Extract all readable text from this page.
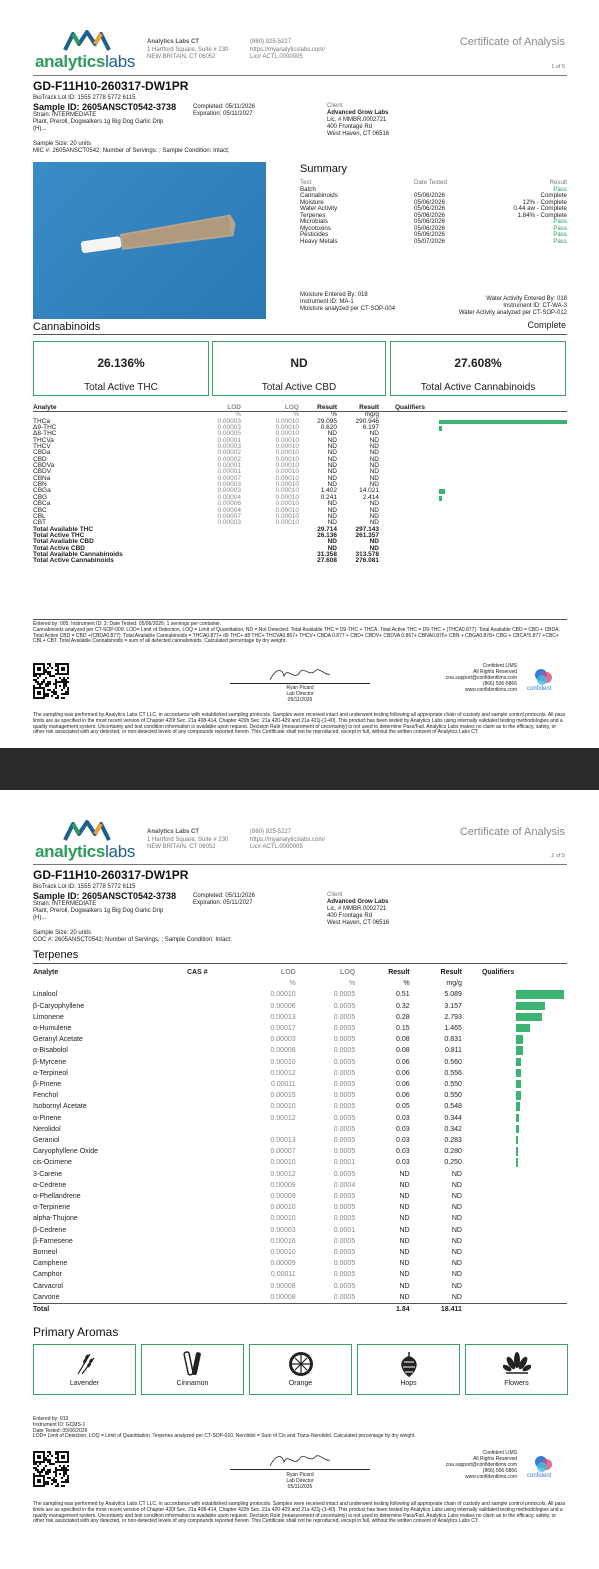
analyticslabs
Analytics Labs CT
1 Hartford Square, Suite # 230
NEW BRITAIN, CT 06052
(860) 925-5227
https://myanalyticslabs.com/
Lic# ACTL.0000005
Certificate of Analysis
1 of 5
GD-F11H10-260317-DW1PR
BioTrack Lot ID: 1555 2778 5772 6115
Sample ID: 2605ANSCT0542-3738
Strain: INTERMEDIATE
Plant, Preroll, Dogwalkers 1g Big Dog Garlic Drip
(H)...
Completed: 05/11/2026
Expiration: 05/11/2027
Client
Advanced Grow Labs
Lic. # MMBR.0002721
400 Frontage Rd
West Haven, CT 06516
Sample Size: 20 units
MIC #: 2605ANSCT0542; Number of Servings: ; Sample Condition: Intact;
Summary
Test	Date Tested	Result
Batch		Pass
Cannabinoids	05/06/2026	Complete
Moisture	05/06/2026	12% - Complete
Water Activity	05/06/2026	0.44 aw - Complete
Terpenes	05/06/2026	1.84% - Complete
Microbials	05/06/2026	Pass
Mycotoxins	05/06/2026	Pass
Pesticides	05/06/2026	Pass
Heavy Metals	05/07/2026	Pass
Moisture Entered By: 018
Instrument ID: MA-1
Moisture analyzed per CT-SOP-004
Water Activity Entered By: 018
Instrument ID: CT-WA-3
Water Activity analyzed per CT-SOP-012
Cannabinoids	Complete
26.136%
Total Active THC
ND
Total Active CBD
27.608%
Total Active Cannabinoids
Analyte	LOD	LOQ	Result	Result	Qualifiers	
	%	%	%	mg/g		
THCa	0.00003	0.00010	29.095	290.946		

Δ9-THC	0.00003	0.00010	0.620	6.197		

Δ8-THC	0.00005	0.00010	ND	ND		
THCVa	0.00001	0.00010	ND	ND		
THCV	0.00003	0.00010	ND	ND		
CBDa	0.00002	0.00010	ND	ND		
CBD	0.00002	0.00010	ND	ND		
CBDVa	0.00001	0.00010	ND	ND		
CBDV	0.00001	0.00010	ND	ND		
CBNa	0.00007	0.00010	ND	ND		
CBN	0.00003	0.00010	ND	ND		
CBGa	0.00003	0.00010	1.402	14.021		

CBG	0.00004	0.00010	0.241	2.414		

CBCa	0.00006	0.00010	ND	ND		
CBC	0.00004	0.00010	ND	ND		
CBL	0.00007	0.00010	ND	ND		
CBT	0.00003	0.00010	ND	ND		
Total Available THC			29.714	297.143		
Total Active THC			26.136	261.357		
Total Available CBD			ND	ND		
Total Active CBD			ND	ND		
Total Available Cannabinoids			31.358	313.578		
Total Active Cannabinoids			27.608	276.081		
Entered by: 005; Instrument ID: 2; Date Tested: 05/06/2026; 1 servings per container.
Cannabinoids analyzed per CT-SOP-009. LOD= Limit of Detection, LOQ = Limit of Quantitation, ND = Not Detected. Total Available THC = D9-THC + THCA. Total Active THC = D9-THC + (THCA0.877). Total Available CBD = CBD + CBDA. Total Active CBD = CBD +(CBDA0.877). Total Available Cannabinoids = THCA0.877+ d9 THC+ d8 THC+ THCVA0.867+ THCV+ CBDA 0.877 + CBD+ CBDV+ CBDVA 0.867+ CBNA0.876+ CBN + CBGA0.878+ CBG + CBCA*0.877 +CBC+ CBL+ CBT. Total Available Cannabinoids = sum of all detected cannabinoids. Calculated percentage by dry weight.
Ryan Picard
Lab Director
05/11/2026
Confident LIMS
All Rights Reserved
coa.support@confidentlims.com
(866) 506-5866
www.confidentlims.com confident
The sampling was performed by Analytics Labs CT LLC, in accordance with established sampling protocols. Samples were received intact and underwent testing following all appropriate chain of custody and sample control protocols. All pass limits are as specified in the most recent version of Chapter 420f Sec. 21a 408-414, Chapter 420h Sec. 21a 420-429 and 21a 421j-(1-40). This product has been tested by Analytics Labs using internally validated testing methodologies and a quality management system. Uncertainty and test condition information is available upon request. Decision Rule (measurement of uncertainty) is not used to determine Pass/Fail. Analytics Labs makes no claim as to the efficacy, safety, or other risk associated with any detected, or non-detected levels of any compounds reported herein. This Certificate shall not be reproduced, except in full, without the written consent of Analytics Labs CT.
analyticslabs
Analytics Labs CT
1 Hartford Square, Suite # 230
NEW BRITAIN, CT 06052
(860) 925-5227
https://myanalyticslabs.com/
Lic# ACTL.0000005
Certificate of Analysis
2 of 5
GD-F11H10-260317-DW1PR
BioTrack Lot ID: 1555 2778 5772 6115
Sample ID: 2605ANSCT0542-3738
Strain: INTERMEDIATE
Plant, Preroll, Dogwalkers 1g Big Dog Garlic Drip
(H)...
Completed: 05/11/2026
Expiration: 05/11/2027
Client
Advanced Grow Labs
Lic. # MMBR.0002721
400 Frontage Rd
West Haven, CT 06516
Sample Size: 20 units
COC #: 2605ANSCT0542; Number of Servings: ; Sample Condition: Intact;
Terpenes
Analyte	CAS #	LOD	LOQ	Result	Result	Qualifiers	
		%	%	%	mg/g		
Linalool		0.00010	0.0005	0.51	5.089		

β-Caryophyllene		0.00006	0.0005	0.32	3.157		

Limonene		0.00013	0.0005	0.28	2.793		

α-Humulene		0.00017	0.0005	0.15	1.465		

Geranyl Acetate		0.00003	0.0005	0.08	0.831		

α-Bisabolol		0.00008	0.0005	0.08	0.811		

β-Myrcene		0.00010	0.0005	0.06	0.560		

α-Terpineol		0.00012	0.0005	0.06	0.556		

β-Pinene		0.00011	0.0005	0.06	0.550		

Fenchol		0.00015	0.0005	0.06	0.550		

Isobornyl Acetate		0.00010	0.0005	0.05	0.548		

α-Pinene		0.00012	0.0005	0.03	0.344		

Nerolidol			0.0005	0.03	0.342		

Geraniol		0.00013	0.0005	0.03	0.283		

Caryophyllene Oxide		0.00007	0.0005	0.03	0.280		

cis-Ocimene		0.00010	0.0001	0.03	0.250		

3-Carene		0.00012	0.0005	ND	ND		
α-Cedrene		0.00009	0.0004	ND	ND		
α-Phellandrene		0.00009	0.0005	ND	ND		
α-Terpinene		0.00010	0.0005	ND	ND		
alpha-Thujone		0.00010	0.0005	ND	ND		
β-Cedrene		0.00003	0.0001	ND	ND		
β-Farnesene		0.00016	0.0005	ND	ND		
Borneol		0.00010	0.0005	ND	ND		
Camphene		0.00009	0.0005	ND	ND		
Camphor		0.00011	0.0005	ND	ND		
Carvacrol		0.00008	0.0005	ND	ND		
Carvone		0.00008	0.0005	ND	ND		
Total				1.84	18.411		
Primary Aromas
Lavender	Cinnamon	Orange	Hops	Flowers
Entered by: 013
Instrument ID: GCMS-1
Date Tested: 05/06/2026
LOD= Limit of Detection, LOQ = Limit of Quantitation. Terpenes analyzed per CT-SOP-010. Nerolidol = Sum of Cis and Trans-Nerolidol. Calculated percentage by dry weight.
Ryan Picard
Lab Director
05/11/2026
Confident LIMS
All Rights Reserved
coa.support@confidentlims.com
(866) 506-5866
www.confidentlims.com confident
The sampling was performed by Analytics Labs CT LLC, in accordance with established sampling protocols. Samples were received intact and underwent testing following all appropriate chain of custody and sample control protocols. All pass limits are as specified in the most recent version of Chapter 420f Sec. 21a 408-414, Chapter 420h Sec. 21a 420-429 and 21a 421j-(1-40). This product has been tested by Analytics Labs using internally validated testing methodologies and a quality management system. Uncertainty and test condition information is available upon request. Decision Rule (measurement of uncertainty) is not used to determine Pass/Fail. Analytics Labs makes no claim as to the efficacy, safety, or other risk associated with any detected, or non-detected levels of any compounds reported herein. This Certificate shall not be reproduced, except in full, without the written consent of Analytics Labs CT.
